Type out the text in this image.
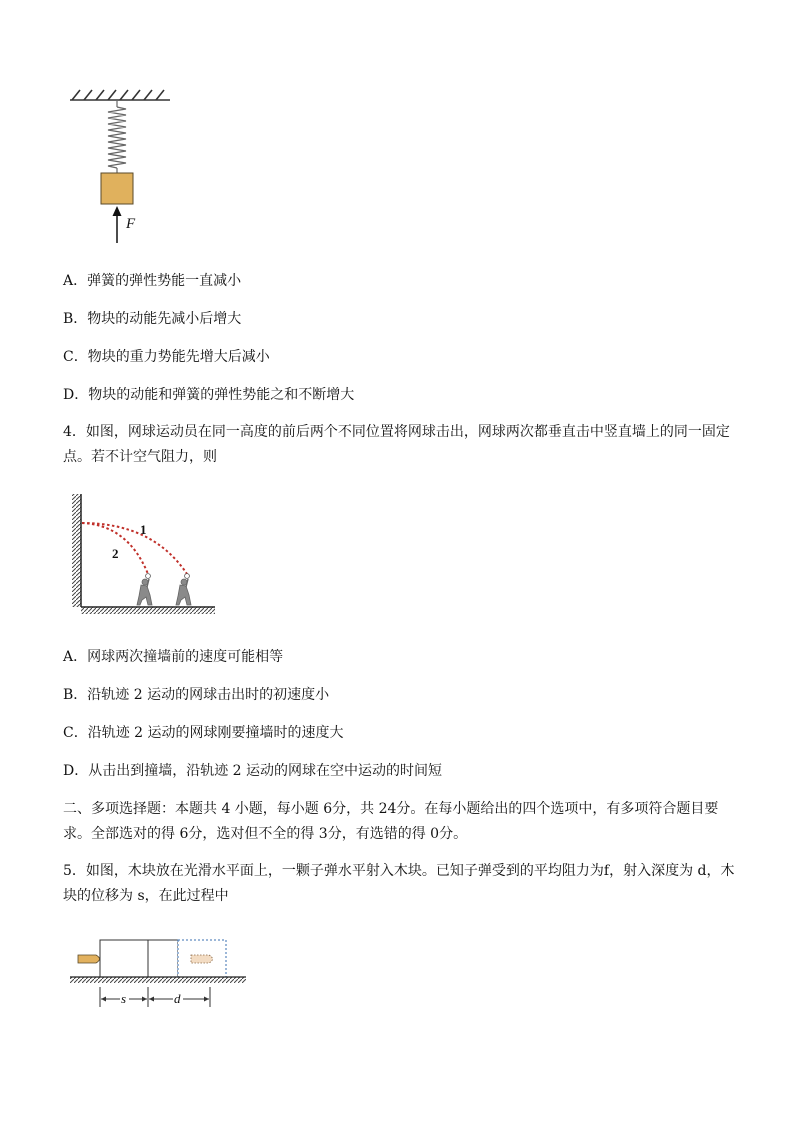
F
A．弹簧的弹性势能一直减小
B．物块的动能先减小后增大
C．物块的重力势能先增大后减小
D．物块的动能和弹簧的弹性势能之和不断增大
4．如图，网球运动员在同一高度的前后两个不同位置将网球击出，网球两次都垂直击中竖直墙上的同一固定点。若不计空气阻力，则
1
2
A．网球两次撞墙前的速度可能相等
B．沿轨迹 2 运动的网球击出时的初速度小
C．沿轨迹 2 运动的网球刚要撞墙时的速度大
D．从击出到撞墙，沿轨迹 2 运动的网球在空中运动的时间短
二、多项选择题：本题共 4 小题，每小题 6分，共 24分。在每小题给出的四个选项中，有多项符合题目要求。全部选对的得 6分，选对但不全的得 3分，有选错的得 0分。
5．如图，木块放在光滑水平面上，一颗子弹水平射入木块。已知子弹受到的平均阻力为f，射入深度为 d，木块的位移为 s，在此过程中
s	d
